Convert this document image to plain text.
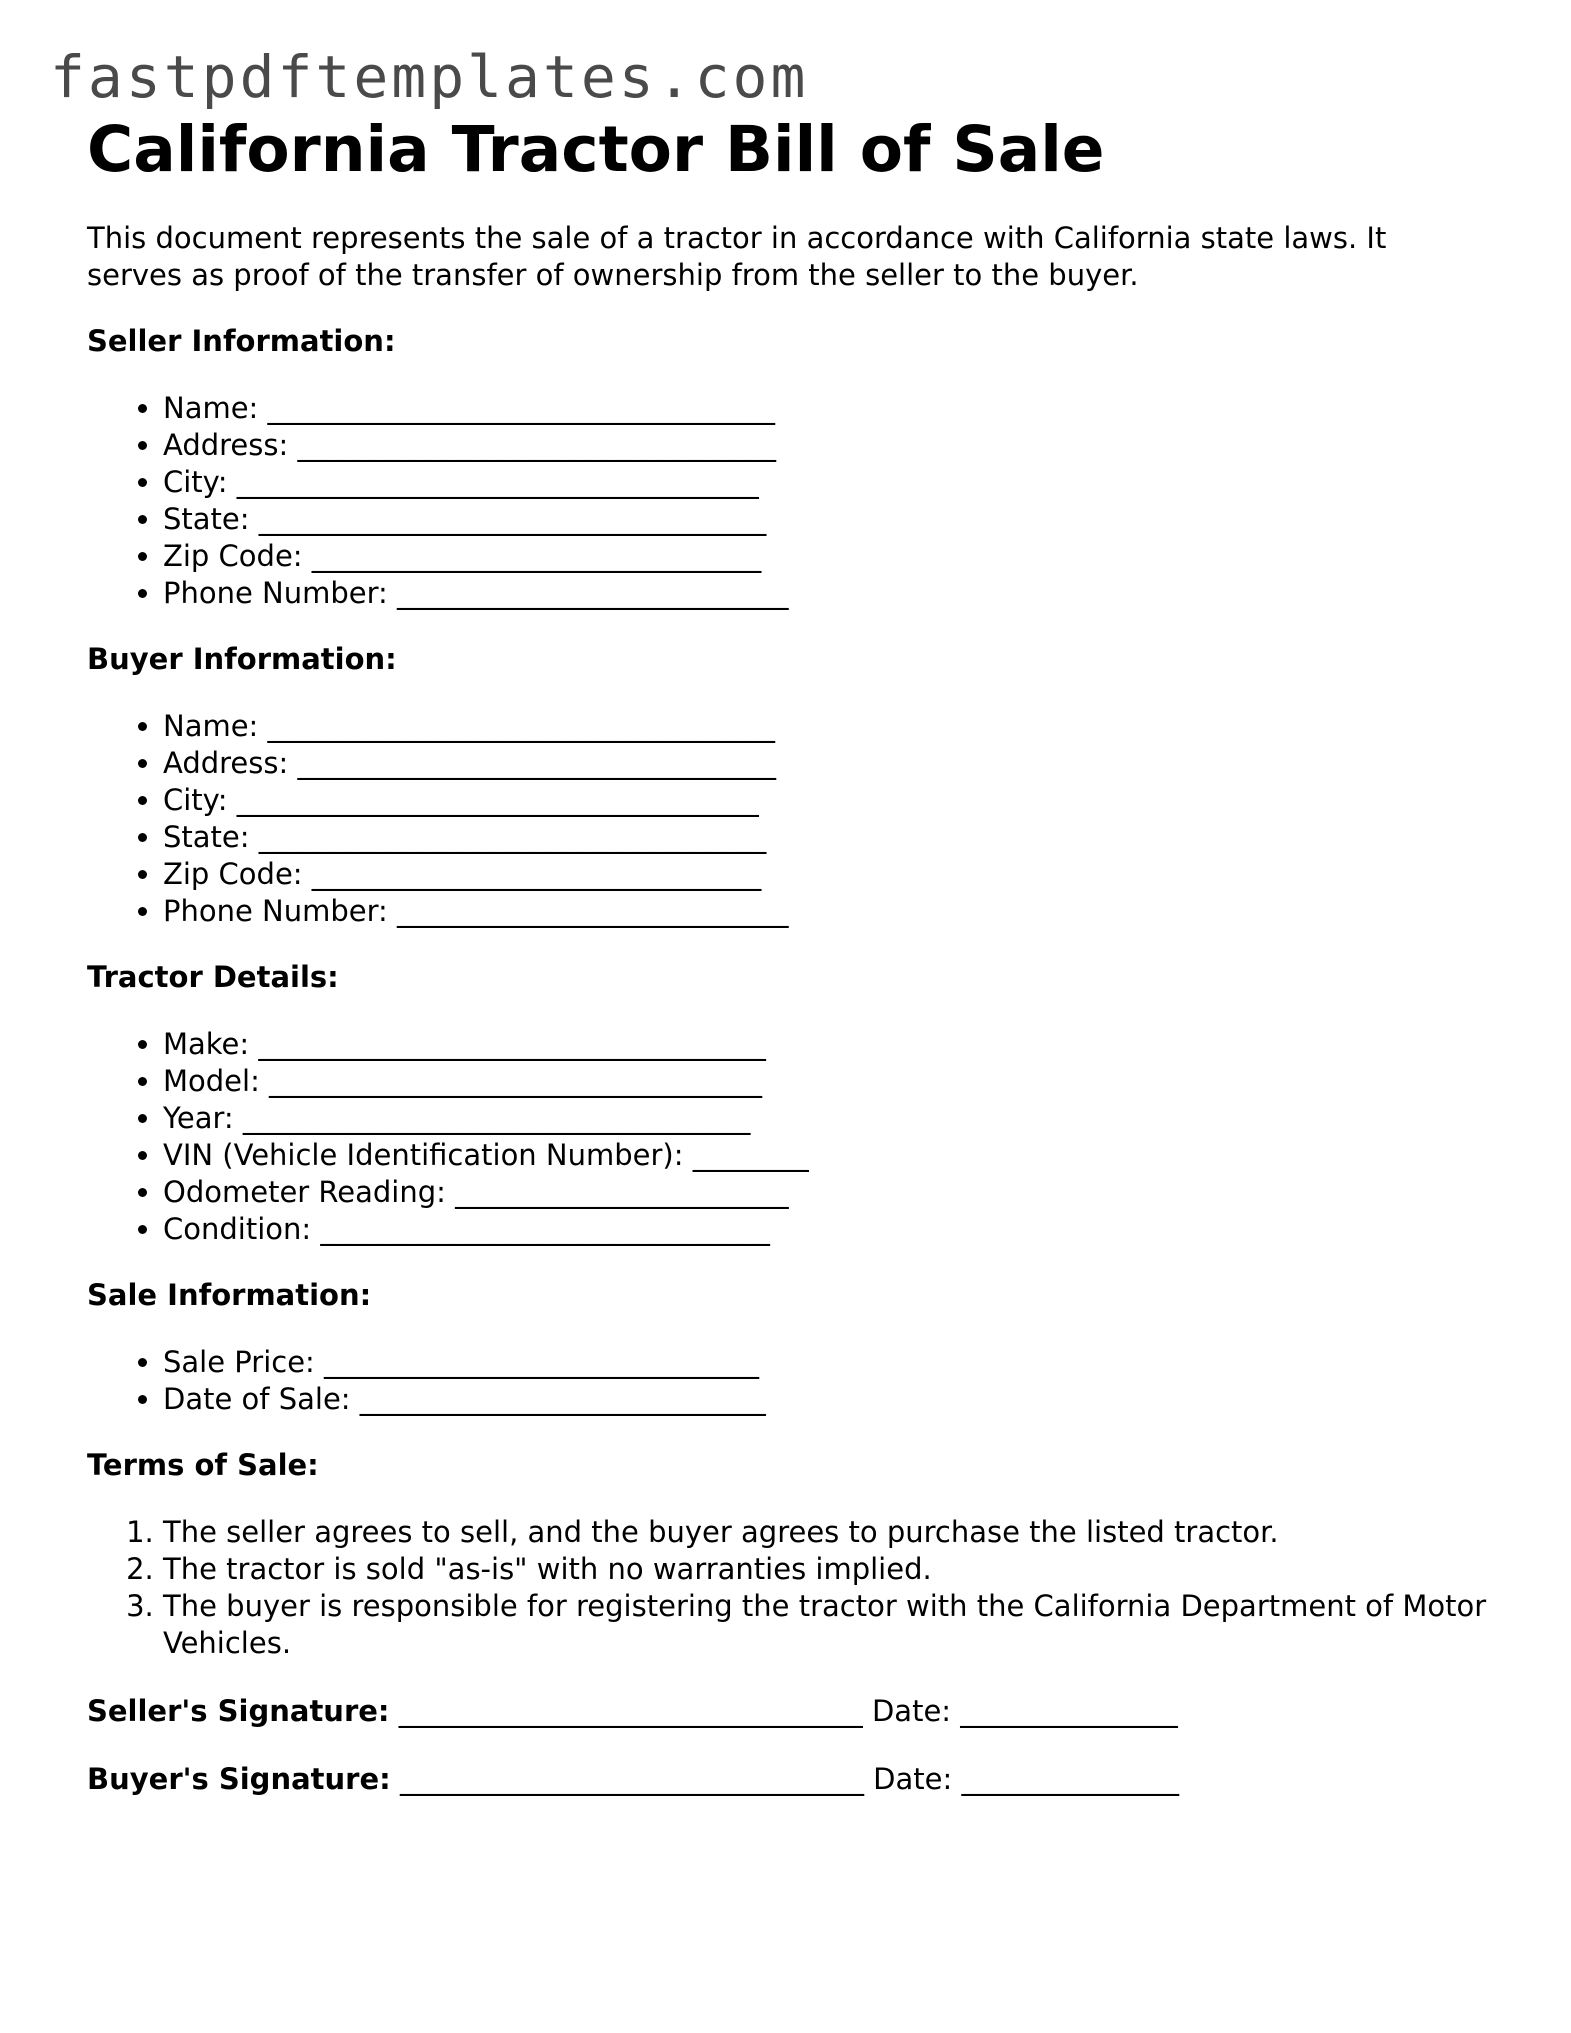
fastpdftemplates.com
California Tractor Bill of Sale

This document represents the sale of a tractor in accordance with California state laws. It serves as proof of the transfer of ownership from the seller to the buyer.

Seller Information:
• Name: ___________________________________
• Address: _________________________________
• City: ____________________________________
• State: ___________________________________
• Zip Code: _______________________________
• Phone Number: ___________________________
Buyer Information:
• Name: ___________________________________
• Address: _________________________________
• City: ____________________________________
• State: ___________________________________
• Zip Code: _______________________________
• Phone Number: ___________________________
Tractor Details:
• Make: ___________________________________
• Model: __________________________________
• Year: ___________________________________
• VIN (Vehicle Identification Number): ________
• Odometer Reading: _______________________
• Condition: _______________________________
Sale Information:
• Sale Price: ______________________________
• Date of Sale: ____________________________
Terms of Sale:
1. The seller agrees to sell, and the buyer agrees to purchase the listed tractor.
2. The tractor is sold "as-is" with no warranties implied.
3. The buyer is responsible for registering the tractor with the California Department of Motor Vehicles.
Seller's Signature: ________________________________ Date: _______________
Buyer's Signature: ________________________________ Date: _______________
